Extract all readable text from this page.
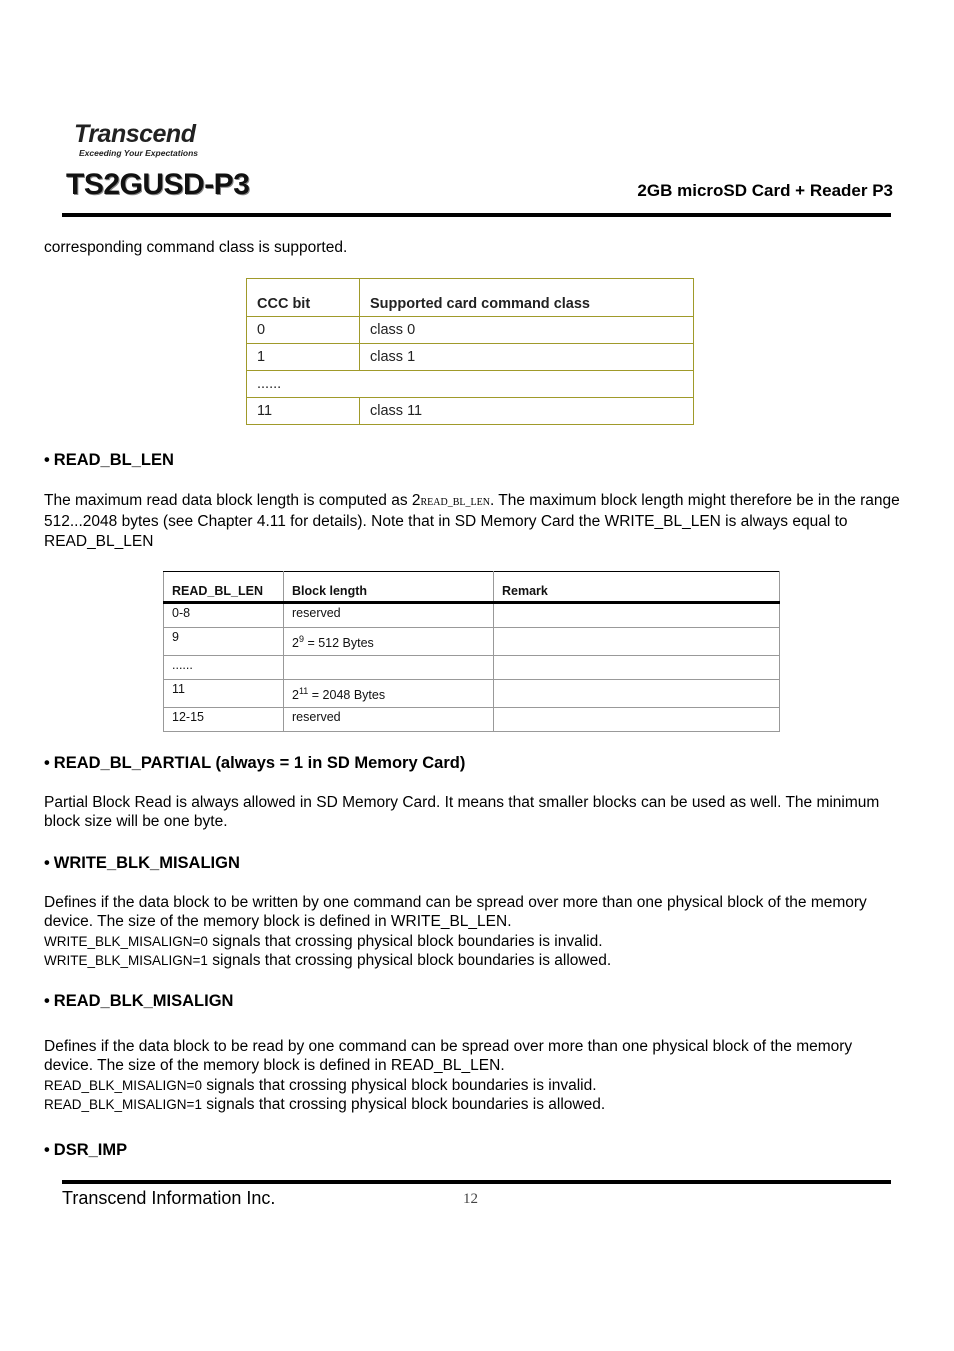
Transcend
Exceeding Your Expectations
TS2GUSD-P3	2GB microSD Card + Reader P3
corresponding command class is supported.
CCC bit	Supported card command class
0	class 0
1	class 1
......	
11	class 11
• READ_BL_LEN
The maximum read data block length is computed as 2READ_BL_LEN. The maximum block length might therefore be in the range 512...2048 bytes (see Chapter 4.11 for details). Note that in SD Memory Card the WRITE_BL_LEN is always equal to READ_BL_LEN
READ_BL_LEN	Block length	Remark
0-8	reserved	
9	$2^9 = 512$ Bytes	
......		
11	$2^{11} = 2048$ Bytes	
12-15	reserved	
• READ_BL_PARTIAL (always = 1 in SD Memory Card)
Partial Block Read is always allowed in SD Memory Card. It means that smaller blocks can be used as well. The minimum block size will be one byte.
• WRITE_BLK_MISALIGN
Defines if the data block to be written by one command can be spread over more than one physical block of the memory device. The size of the memory block is defined in WRITE_BL_LEN.
WRITE_BLK_MISALIGN=0 signals that crossing physical block boundaries is invalid.
WRITE_BLK_MISALIGN=1 signals that crossing physical block boundaries is allowed.
• READ_BLK_MISALIGN
Defines if the data block to be read by one command can be spread over more than one physical block of the memory device. The size of the memory block is defined in READ_BL_LEN.
READ_BLK_MISALIGN=0 signals that crossing physical block boundaries is invalid.
READ_BLK_MISALIGN=1 signals that crossing physical block boundaries is allowed.
• DSR_IMP
Transcend Information Inc.	12
